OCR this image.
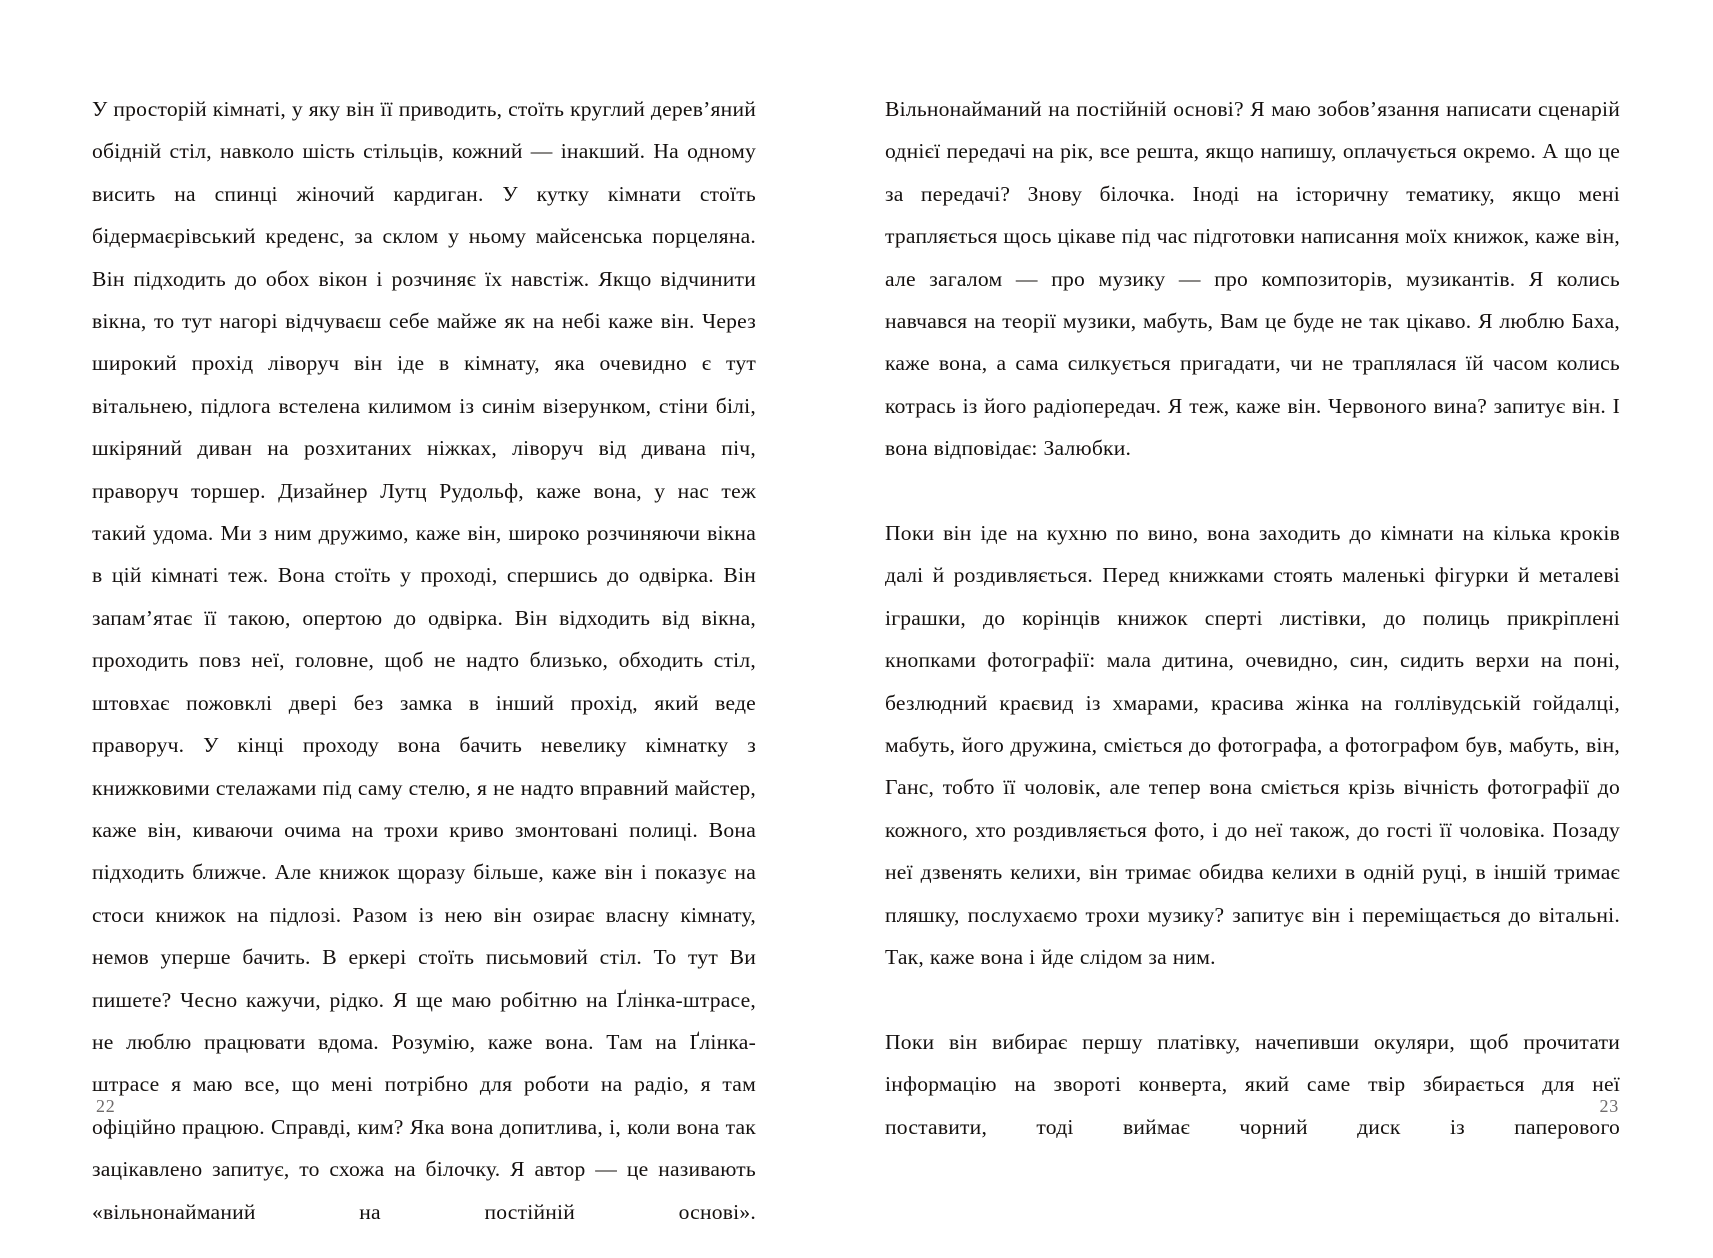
У просторій кімнаті, у яку він її приводить, стоїть круглий дерев’яний обідній стіл, навколо шість стільців, кожний — інакший. На одному висить на спинці жіночий кардиган. У кутку кімнати стоїть бідермаєрівський креденс, за склом у ньому майсенська порцеляна. Він підходить до обох вікон і розчиняє їх навстіж. Якщо відчинити вікна, то тут нагорі відчуваєш себе майже як на небі каже він. Через широкий прохід ліворуч він іде в кімнату, яка очевидно є тут вітальнею, підлога встелена килимом із синім візерунком, стіни білі, шкіряний диван на розхитаних ніжках, ліворуч від дивана піч, праворуч торшер. Дизайнер Лутц Рудольф, каже вона, у нас теж такий удома. Ми з ним дружимо, каже він, широко розчиняючи вікна в цій кімнаті теж. Вона стоїть у проході, спершись до одвірка. Він запам’ятає її такою, опертою до одвірка. Він відходить від вікна, проходить повз неї, головне, щоб не надто близько, обходить стіл, штовхає пожовклі двері без замка в інший прохід, який веде праворуч. У кінці проходу вона бачить невелику кімнатку з книжковими стелажами під саму стелю, я не надто вправний майстер, каже він, киваючи очима на трохи криво змонтовані полиці. Вона підходить ближче. Але книжок щоразу більше, каже він і показує на стоси книжок на підлозі. Разом із нею він озирає власну кімнату, немов уперше бачить. В еркері стоїть письмовий стіл. То тут Ви пишете? Чесно кажучи, рідко. Я ще маю робітню на Ґлінка-штрасе, не люблю працювати вдома. Розумію, каже вона. Там на Ґлінка-штрасе я маю все, що мені потрібно для роботи на радіо, я там офіційно працюю. Справді, ким? Яка вона допитлива, і, коли вона так зацікавлено запитує, то схожа на білочку. Я автор — це називають «вільнонайманий на постійній основі».

22

Вільнонайманий на постійній основі? Я маю зобов’язання написати сценарій однієї передачі на рік, все решта, якщо напишу, оплачується окремо. А що це за передачі? Знову білочка. Іноді на історичну тематику, якщо мені трапляється щось цікаве під час підготовки написання моїх книжок, каже він, але загалом — про музику — про композиторів, музикантів. Я колись навчався на теорії музики, мабуть, Вам це буде не так цікаво. Я люблю Баха, каже вона, а сама силкується пригадати, чи не траплялася їй часом колись котрась із його радіопередач. Я теж, каже він. Червоного вина? запитує він. І вона відповідає: Залюбки.

Поки він іде на кухню по вино, вона заходить до кімнати на кілька кроків далі й роздивляється. Перед книжками стоять маленькі фігурки й металеві іграшки, до корінців книжок сперті листівки, до полиць прикріплені кнопками фотографії: мала дитина, очевидно, син, сидить верхи на поні, безлюдний краєвид із хмарами, красива жінка на голлівудській гойдалці, мабуть, його дружина, сміється до фотографа, а фотографом був, мабуть, він, Ганс, тобто її чоловік, але тепер вона сміється крізь вічність фотографії до кожного, хто роздивляється фото, і до неї також, до гості її чоловіка. Позаду неї дзвенять келихи, він тримає обидва келихи в одній руці, в іншій тримає пляшку, послухаємо трохи музику? запитує він і переміщається до вітальні. Так, каже вона і йде слідом за ним.

Поки він вибирає першу платівку, начепивши окуляри, щоб прочитати інформацію на звороті конверта, який саме твір збирається для неї поставити, тоді виймає чорний диск із паперового

23
